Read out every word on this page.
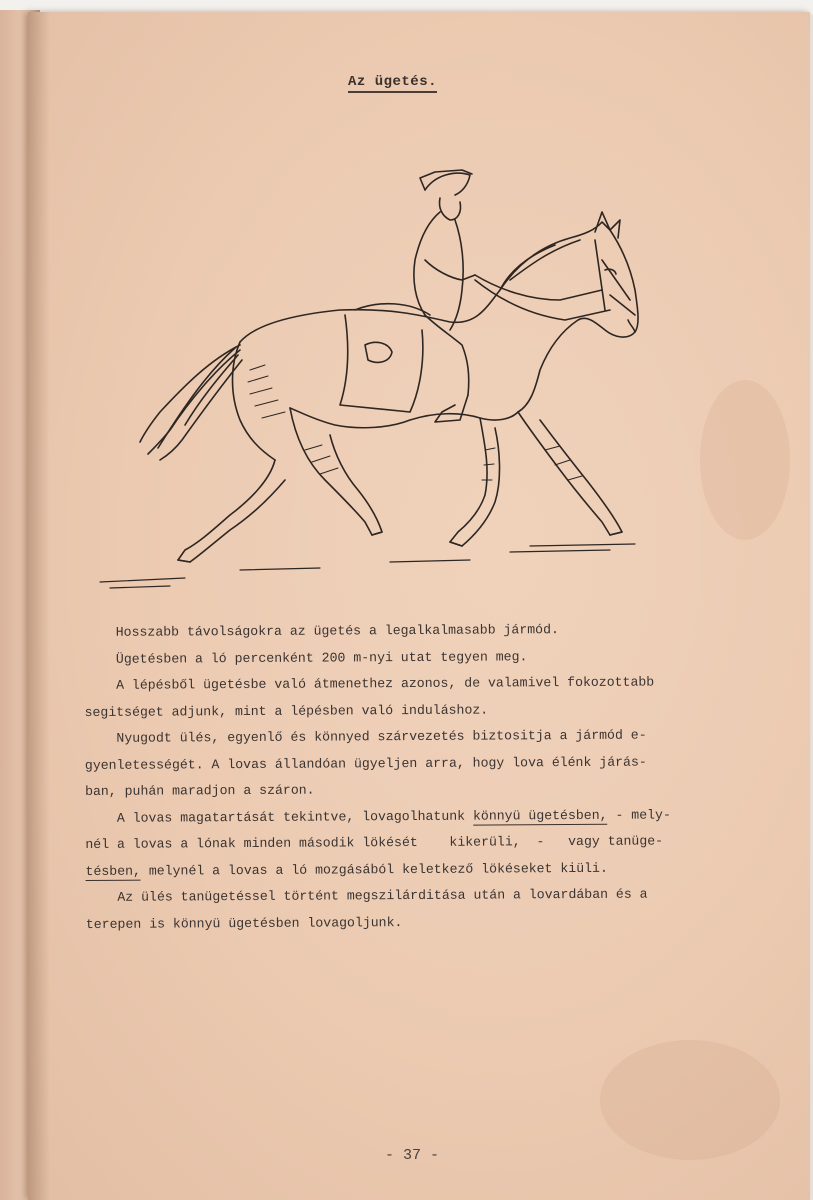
Az ügetés.
Hosszabb távolságokra az ügetés a legalkalmasabb jármód.
Ügetésben a ló percenként 200 m-nyi utat tegyen meg.
A lépésből ügetésbe való átmenethez azonos, de valamivel fokozottabb
segitséget adjunk, mint a lépésben való induláshoz.
Nyugodt ülés, egyenlő és könnyed szárvezetés biztositja a jármód e-
gyenletességét. A lovas állandóan ügyeljen arra, hogy lova élénk járás-
ban, puhán maradjon a száron.
A lovas magatartását tekintve, lovagolhatunk könnyü ügetésben, - mely-
nél a lovas a lónak minden második lökését    kikerüli,  -   vagy tanüge-
tésben, melynél a lovas a ló mozgásából keletkező lökéseket kiüli.
Az ülés tanügetéssel történt megszilárditása után a lovardában és a
terepen is könnyü ügetésben lovagoljunk.
- 37 -
